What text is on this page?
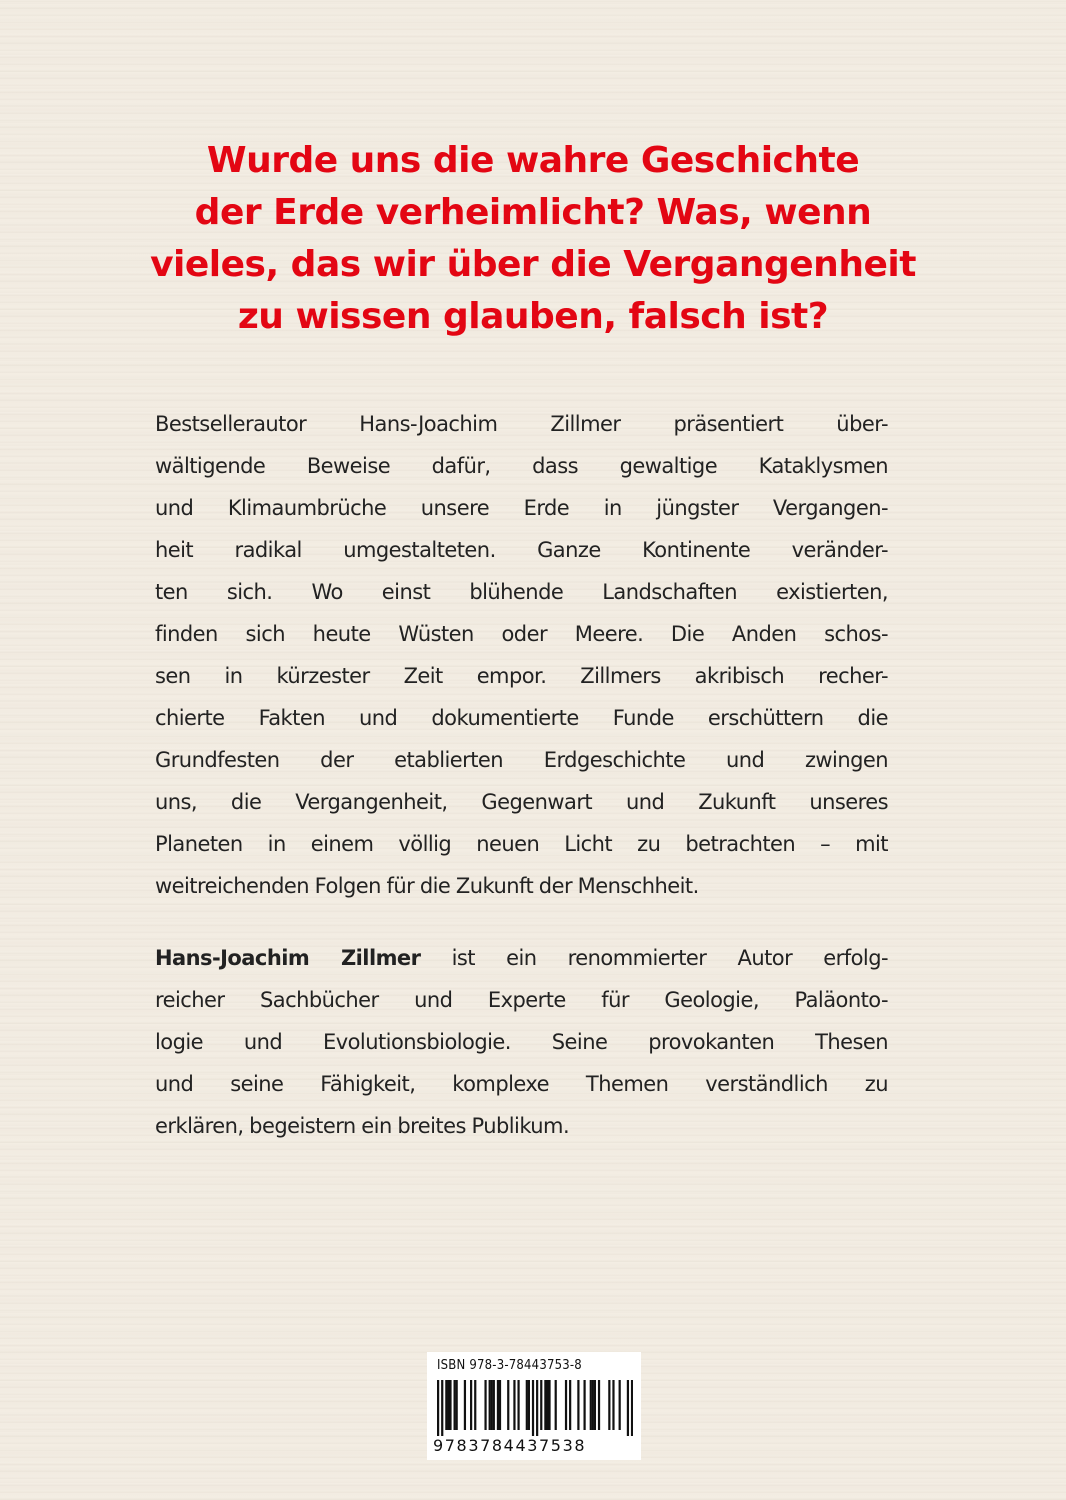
Wurde uns die wahre Geschichte
der Erde verheimlicht? Was, wenn
vieles, das wir über die Vergangenheit
zu wissen glauben, falsch ist?
Bestsellerautor Hans-Joachim Zillmer präsentiert über-
wältigende Beweise dafür, dass gewaltige Kataklysmen
und Klimaumbrüche unsere Erde in jüngster Vergangen-
heit radikal umgestalteten. Ganze Kontinente veränder-
ten sich. Wo einst blühende Landschaften existierten,
finden sich heute Wüsten oder Meere. Die Anden schos-
sen in kürzester Zeit empor. Zillmers akribisch recher-
chierte Fakten und dokumentierte Funde erschüttern die
Grundfesten der etablierten Erdgeschichte und zwingen
uns, die Vergangenheit, Gegenwart und Zukunft unseres
Planeten in einem völlig neuen Licht zu betrachten – mit
weitreichenden Folgen für die Zukunft der Menschheit.
Hans-Joachim Zillmer ist ein renommierter Autor erfolg-
reicher Sachbücher und Experte für Geologie, Paläonto-
logie und Evolutionsbiologie. Seine provokanten Thesen
und seine Fähigkeit, komplexe Themen verständlich zu
erklären, begeistern ein breites Publikum.
ISBN 978-3-78443753-8
9783784437538
